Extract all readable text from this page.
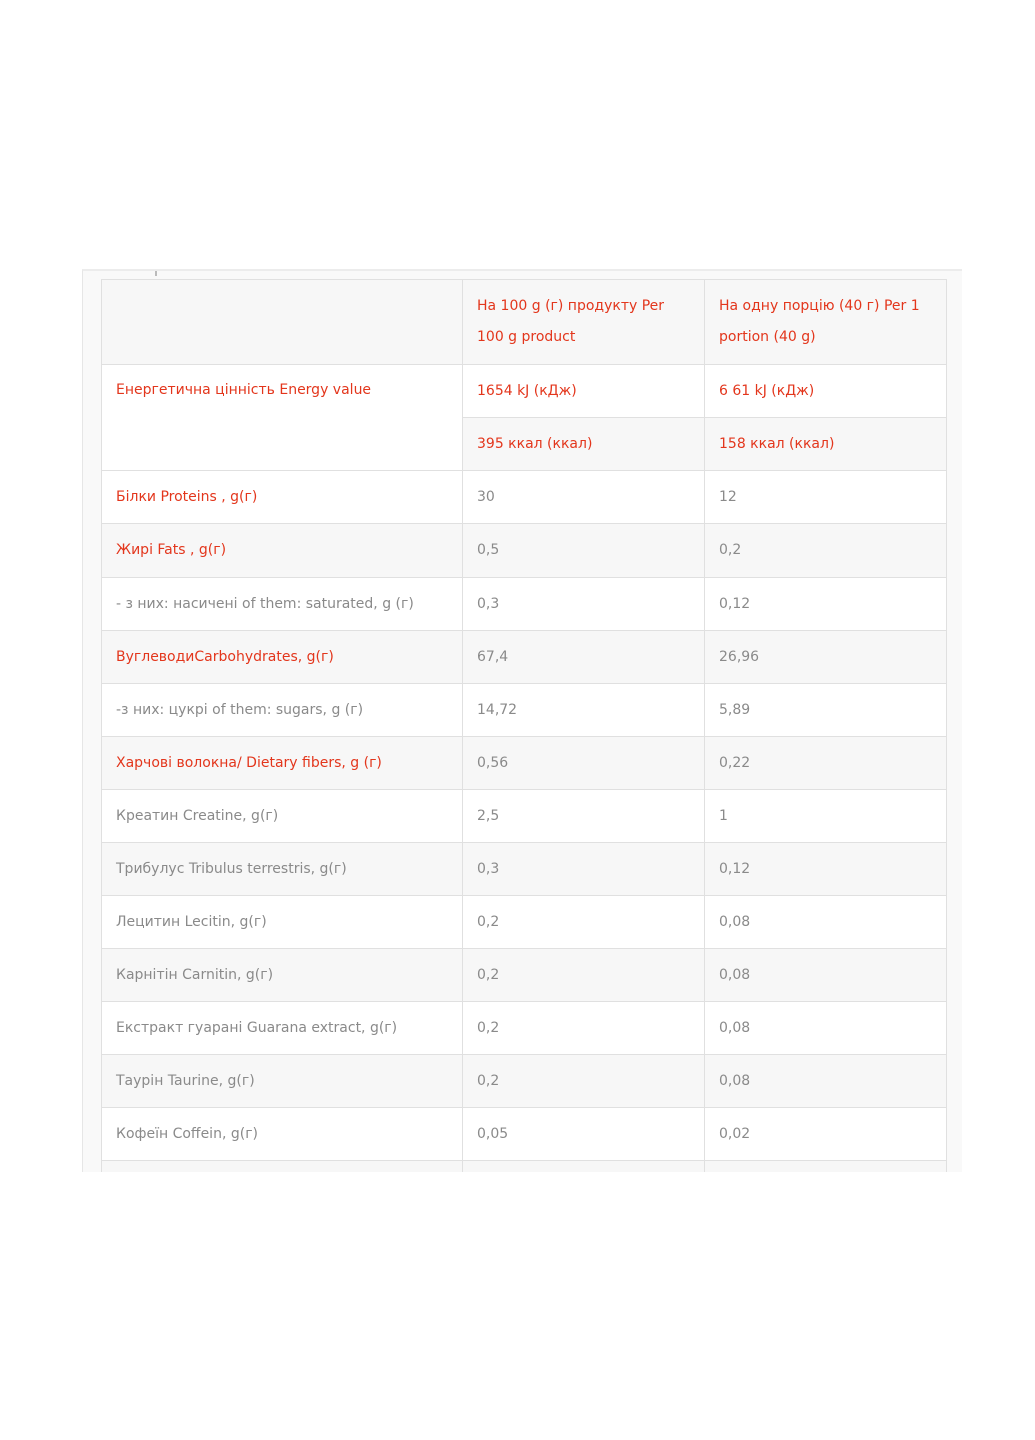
	На 100 g (г) продукту Per 100 g product	На одну порцію (40 г) Per 1 portion (40 g)
Енергетична цінність Energy value	1654 kJ (кДж)	6 61 kJ (кДж)
	395 ккал (ккал)	158 ккал (ккал)
Білки Proteins , g(г)	30	12
Жирі Fats , g(г)	0,5	0,2
- з них: насичені of them: saturated, g (г)	0,3	0,12
ВуглеводиCarbohydrates, g(г)	67,4	26,96
-з них: цукрі of them: sugars, g (г)	14,72	5,89
Харчові волокна/ Dietary fibers, g (г)	0,56	0,22
Креатин Creatine, g(г)	2,5	1
Трибулус Tribulus terrestris, g(г)	0,3	0,12
Лецитин Lecitin, g(г)	0,2	0,08
Карнітін Carnitin, g(г)	0,2	0,08
Екстракт гуарані Guarana extract, g(г)	0,2	0,08
Таурін Taurine, g(г)	0,2	0,08
Кофеїн Coffein, g(г)	0,05	0,02
